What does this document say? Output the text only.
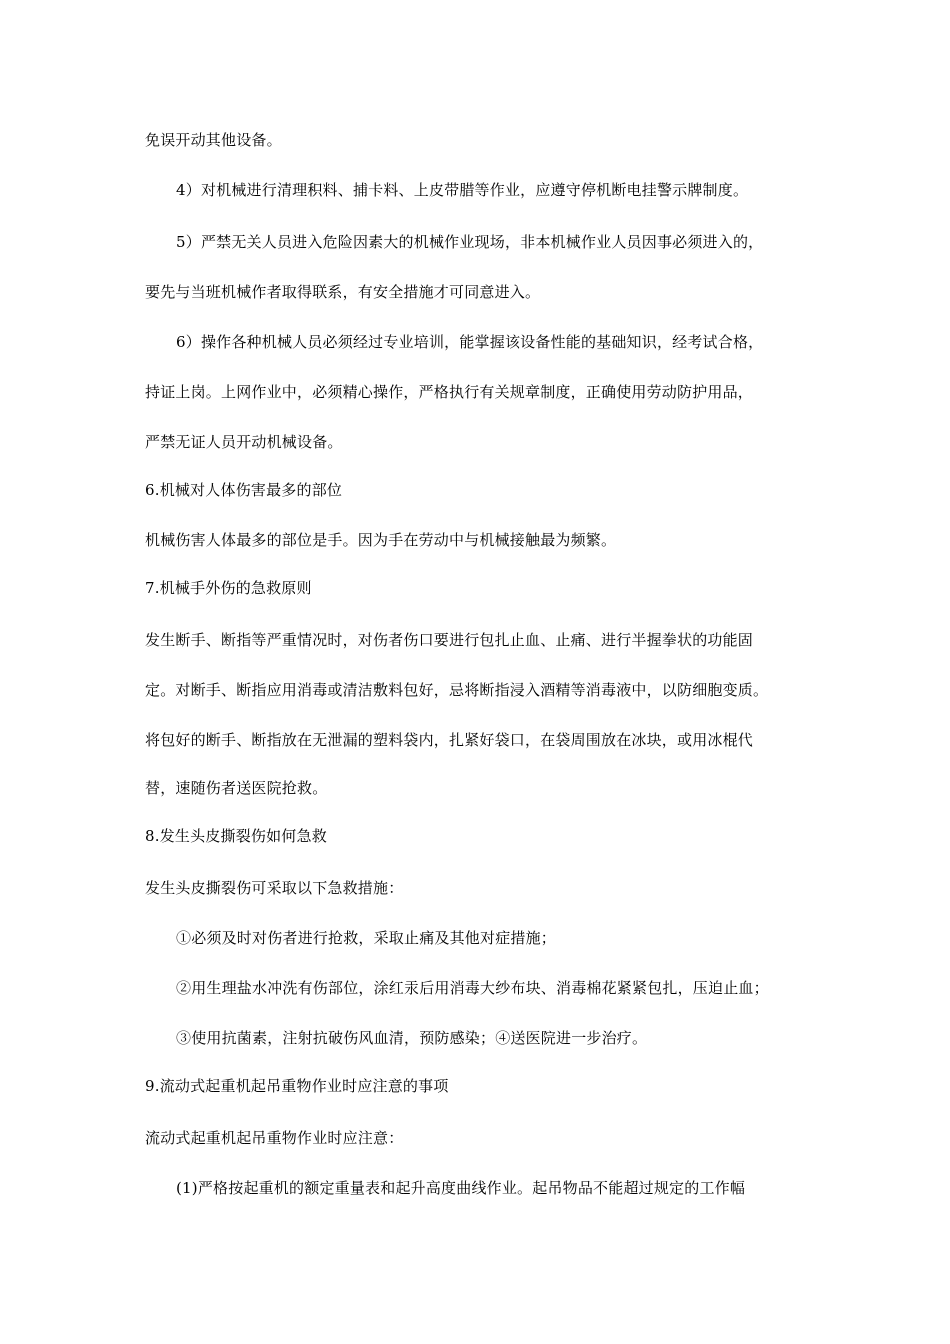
免误开动其他设备。
4）对机械进行清理积料、捕卡料、上皮带腊等作业，应遵守停机断电挂警示牌制度。
5）严禁无关人员进入危险因素大的机械作业现场，非本机械作业人员因事必须进入的，
要先与当班机械作者取得联系，有安全措施才可同意进入。
6）操作各种机械人员必须经过专业培训，能掌握该设备性能的基础知识，经考试合格，
持证上岗。上网作业中，必须精心操作，严格执行有关规章制度，正确使用劳动防护用品，
严禁无证人员开动机械设备。
6.机械对人体伤害最多的部位
机械伤害人体最多的部位是手。因为手在劳动中与机械接触最为频繁。
7.机械手外伤的急救原则
发生断手、断指等严重情况时，对伤者伤口要进行包扎止血、止痛、进行半握拳状的功能固
定。对断手、断指应用消毒或清洁敷料包好，忌将断指浸入酒精等消毒液中，以防细胞变质。
将包好的断手、断指放在无泄漏的塑料袋内，扎紧好袋口，在袋周围放在冰块，或用冰棍代
替，速随伤者送医院抢救。
8.发生头皮撕裂伤如何急救
发生头皮撕裂伤可采取以下急救措施：
①必须及时对伤者进行抢救，采取止痛及其他对症措施；
②用生理盐水冲洗有伤部位，涂红汞后用消毒大纱布块、消毒棉花紧紧包扎，压迫止血；
③使用抗菌素，注射抗破伤风血清，预防感染；④送医院进一步治疗。
9.流动式起重机起吊重物作业时应注意的事项
流动式起重机起吊重物作业时应注意：
(1)严格按起重机的额定重量表和起升高度曲线作业。起吊物品不能超过规定的工作幅
